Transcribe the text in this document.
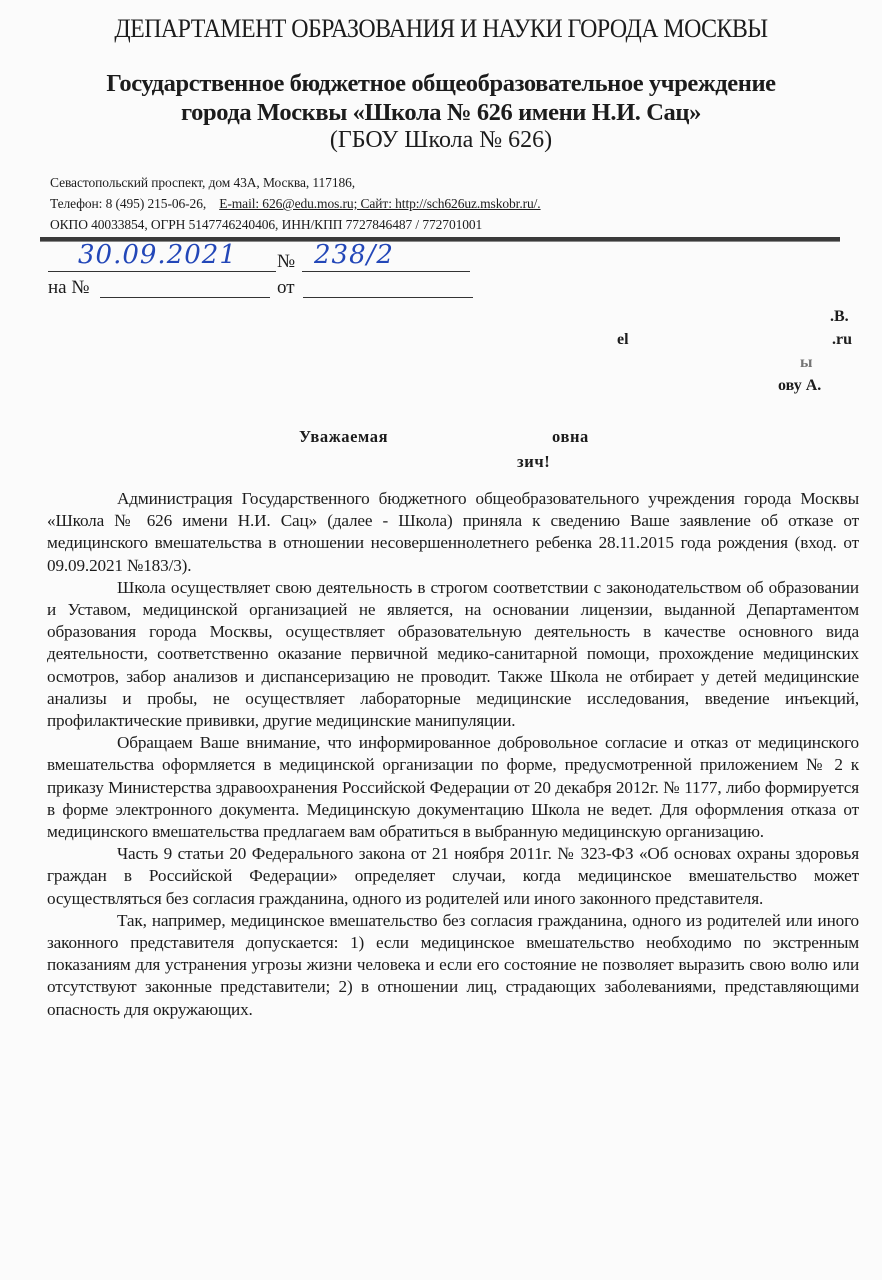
ДЕПАРТАМЕНТ ОБРАЗОВАНИЯ И НАУКИ ГОРОДА МОСКВЫ
Государственное бюджетное общеобразовательное учреждение
города Москвы «Школа № 626 имени Н.И. Сац»
(ГБОУ Школа № 626)
Севастопольский проспект, дом 43А, Москва, 117186,
Телефон: 8 (495) 215-06-26, E-mail: 626@edu.mos.ru; Сайт: http://sch626uz.mskobr.ru/.
ОКПО 40033854, ОГРН 5147746240406, ИНН/КПП 7727846487 / 772701001
30.09.2021 № 238/2
на №	от
.В.
el	.ru
ы
ову А.
Уважаемая	овна
зич!

Администрация Государственного бюджетного общеобразовательного учреждения города Москвы «Школа № 626 имени Н.И. Сац» (далее - Школа) приняла к сведению Ваше заявление об отказе от медицинского вмешательства в отношении несовершеннолетнего ребенка 28.11.2015 года рождения (вход. от 09.09.2021 №183/3).

Школа осуществляет свою деятельность в строгом соответствии с законодательством об образовании и Уставом, медицинской организацией не является, на основании лицензии, выданной Департаментом образования города Москвы, осуществляет образовательную деятельность в качестве основного вида деятельности, соответственно оказание первичной медико-санитарной помощи, прохождение медицинских осмотров, забор анализов и диспансеризацию не проводит. Также Школа не отбирает у детей медицинские анализы и пробы, не осуществляет лабораторные медицинские исследования, введение инъекций, профилактические прививки, другие медицинские манипуляции.

Обращаем Ваше внимание, что информированное добровольное согласие и отказ от медицинского вмешательства оформляется в медицинской организации по форме, предусмотренной приложением № 2 к приказу Министерства здравоохранения Российской Федерации от 20 декабря 2012г. № 1177, либо формируется в форме электронного документа. Медицинскую документацию Школа не ведет. Для оформления отказа от медицинского вмешательства предлагаем вам обратиться в выбранную медицинскую организацию.

Часть 9 статьи 20 Федерального закона от 21 ноября 2011г. № 323-ФЗ «Об основах охраны здоровья граждан в Российской Федерации» определяет случаи, когда медицинское вмешательство может осуществляться без согласия гражданина, одного из родителей или иного законного представителя.

Так, например, медицинское вмешательство без согласия гражданина, одного из родителей или иного законного представителя допускается: 1) если медицинское вмешательство необходимо по экстренным показаниям для устранения угрозы жизни человека и если его состояние не позволяет выразить свою волю или отсутствуют законные представители; 2) в отношении лиц, страдающих заболеваниями, представляющими опасность для окружающих.
